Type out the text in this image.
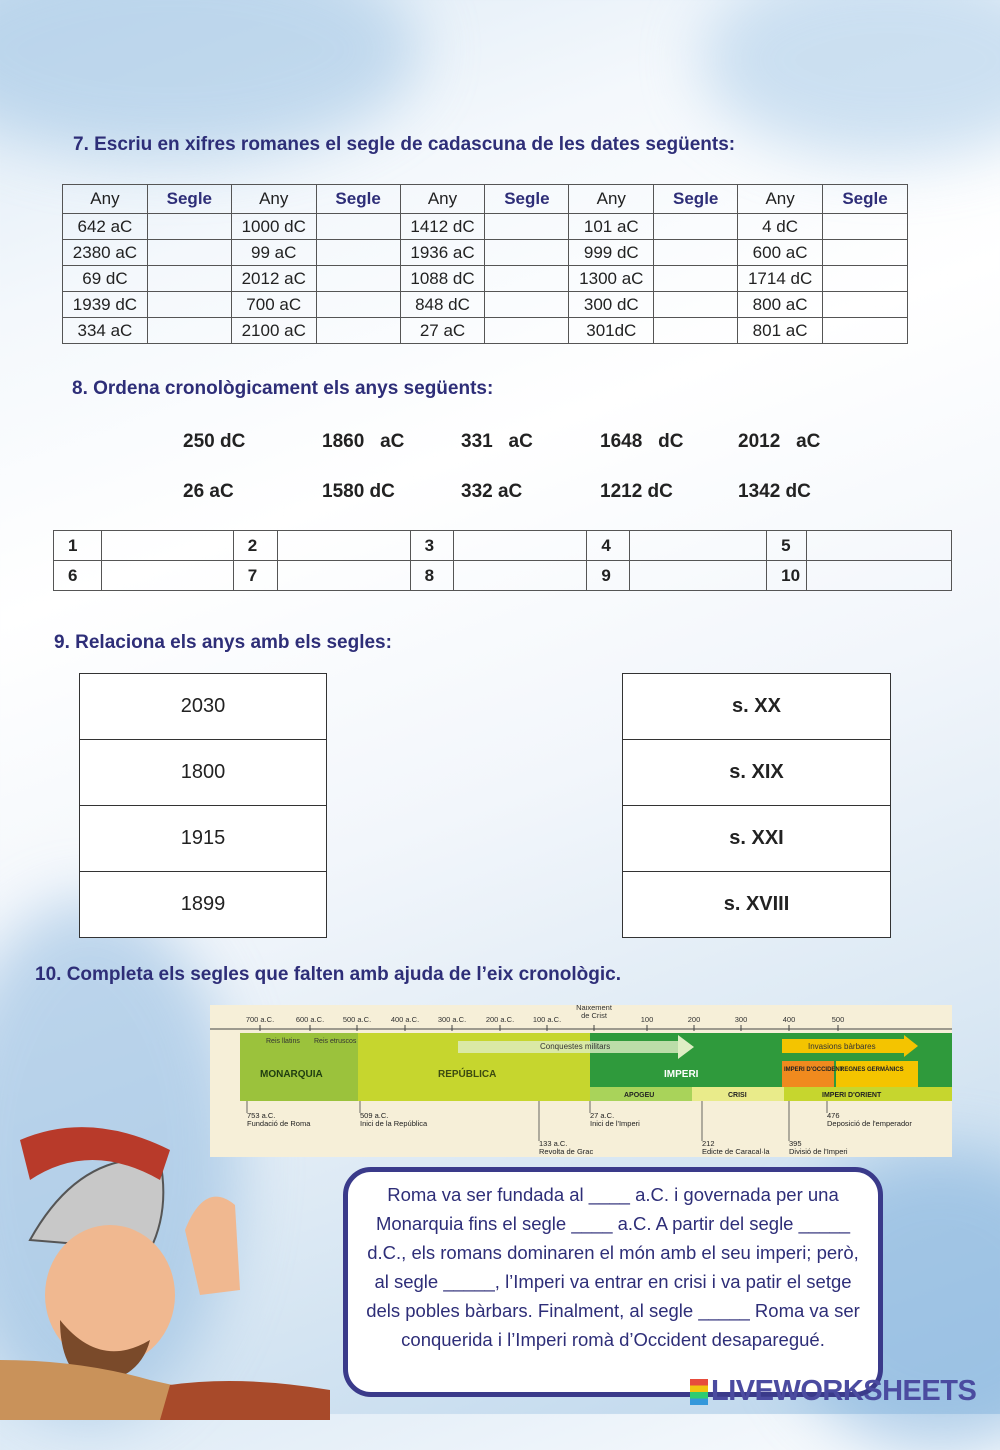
7. Escriu en xifres romanes el segle de cadascuna de les dates següents:

Any	Segle	Any	Segle	Any	Segle	Any	Segle	Any	Segle
642 aC		1000 dC		1412 dC		101 aC		4 dC	
2380 aC		99 aC		1936 aC		999 dC		600 aC	
69 dC		2012 aC		1088 dC		1300 aC		1714 dC	
1939 dC		700 aC		848 dC		300 dC		800 aC	
334 aC		2100 aC		27 aC		301dC		801 aC	

8. Ordena cronològicament els anys següents:

250 dC	1860   aC	331   aC	1648   dC	2012   aC
26 aC	1580 dC	332 aC	1212 dC	1342 dC
1		2		3		4		5	
6		7		8		9		10	

9. Relaciona els anys amb els segles:

2030
1800
1915
1899
s. XX
s. XIX
s. XXI
s. XVIII

10. Completa els segles que falten amb ajuda de l’eix cronològic.

700 a.C.	600 a.C. 500 a.C.	400 a.C. 300 a.C.	200 a.C. 100 a.C.
Naixement de Crist	100	200	300	400	500
Reis llatins Reis etruscos
Conquestes militars	Invasions bàrbares
MONARQUIA	REPÚBLICA	IMPERI	IMPERI D'OCCIDENT
REGNES GERMÀNICS
APOGEU	CRISI	IMPERI D'ORIENT
753 a.C.
Fundació de Roma
509 a.C.
Inici de la República
133 a.C.
Revolta de Grac
27 a.C.
Inici de l'Imperi
212
Edicte de Caracal·la
395
Divisió de l'Imperi
476
Deposició de l'emperador
Roma va ser fundada al ____ a.C. i governada per una Monarquia fins el segle ____ a.C. A partir del segle _____ d.C., els romans dominaren el món amb el seu imperi; però, al segle _____, l’Imperi va entrar en crisi i va patir el setge dels pobles bàrbars. Finalment, al segle _____ Roma va ser conquerida i l’Imperi romà d’Occident desaparegué.
LIVEWORKSHEETS
